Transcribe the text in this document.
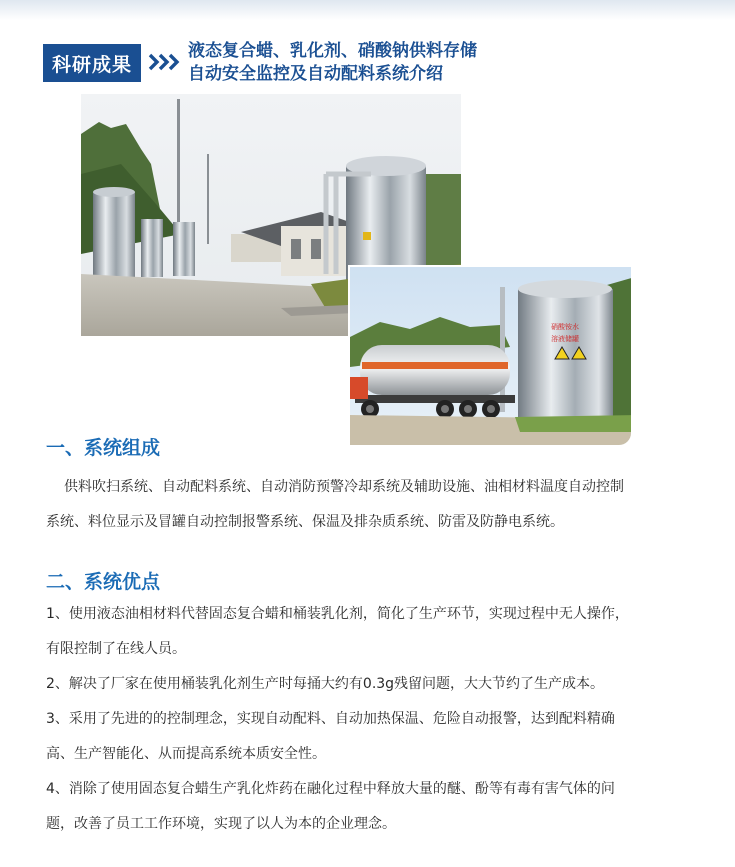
科研成果
液态复合蜡、乳化剂、硝酸钠供料存储
自动安全监控及自动配料系统介绍
硝酸铵水
溶液储罐
一、系统组成
供料吹扫系统、自动配料系统、自动消防预警冷却系统及辅助设施、油相材料温度自动控制
系统、料位显示及冒罐自动控制报警系统、保温及排杂质系统、防雷及防静电系统。
二、系统优点
1、使用液态油相材料代替固态复合蜡和桶装乳化剂，简化了生产环节，实现过程中无人操作，
有限控制了在线人员。
2、解决了厂家在使用桶装乳化剂生产时每捅大约有0.3g残留问题，大大节约了生产成本。
3、采用了先进的的控制理念，实现自动配料、自动加热保温、危险自动报警，达到配料精确
高、生产智能化、从而提高系统本质安全性。
4、消除了使用固态复合蜡生产乳化炸药在融化过程中释放大量的醚、酚等有毒有害气体的问
题，改善了员工工作环境，实现了以人为本的企业理念。
